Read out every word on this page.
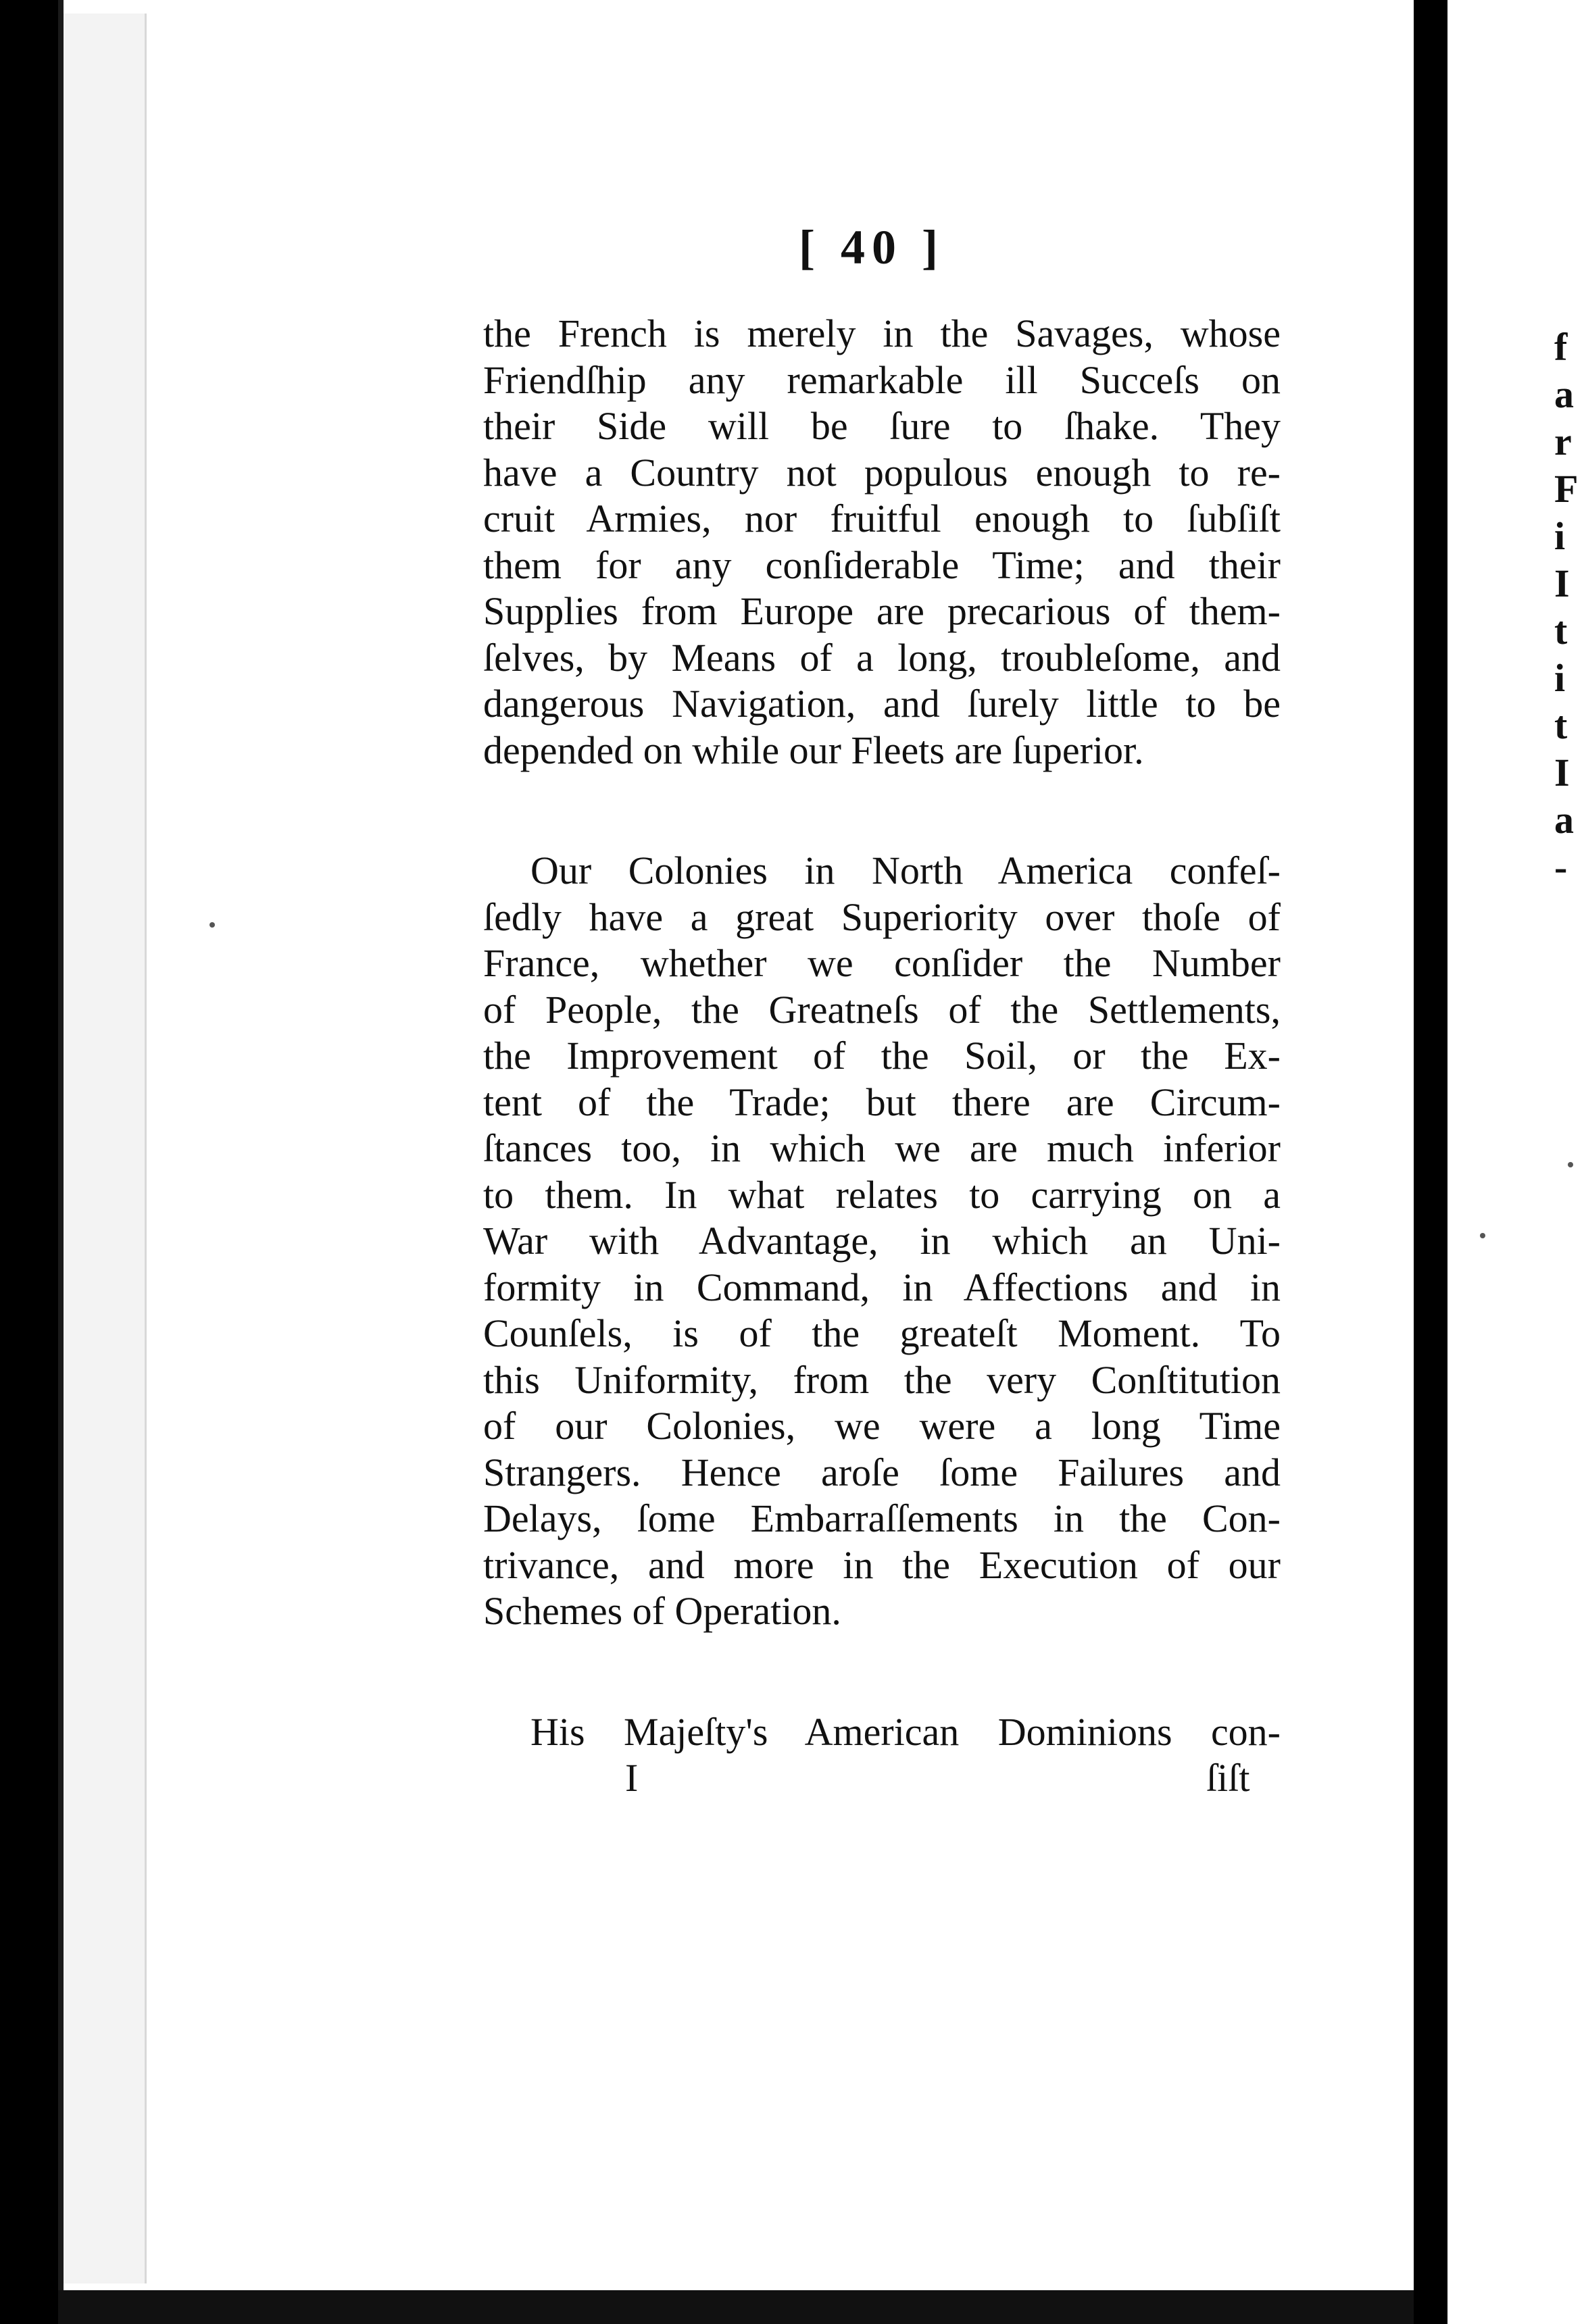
[ 40 ]

the French is merely in the Savages, whose
Friendſhip any remarkable ill Succeſs on
their Side will be ſure to ſhake. They
have a Country not populous enough to re-
cruit Armies, nor fruitful enough to ſubſiſt
them for any conſiderable Time; and their
Supplies from Europe are precarious of them-
ſelves, by Means of a long, troubleſome, and
dangerous Navigation, and ſurely little to be
depended on while our Fleets are ſuperior.

Our Colonies in North America confeſ-
ſedly have a great Superiority over thoſe of
France, whether we conſider the Number
of People, the Greatneſs of the Settlements,
the Improvement of the Soil, or the Ex-
tent of the Trade; but there are Circum-
ſtances too, in which we are much inferior
to them. In what relates to carrying on a
War with Advantage, in which an Uni-
formity in Command, in Affections and in
Counſels, is of the greateſt Moment. To
this Uniformity, from the very Conſtitution
of our Colonies, we were a long Time
Strangers. Hence aroſe ſome Failures and
Delays, ſome Embarraſſements in the Con-
trivance, and more in the Execution of our
Schemes of Operation.

His Majeſty's American Dominions con-

I	ſiſt
f
a
r
F
i
I
t
i
t
I
a
-
